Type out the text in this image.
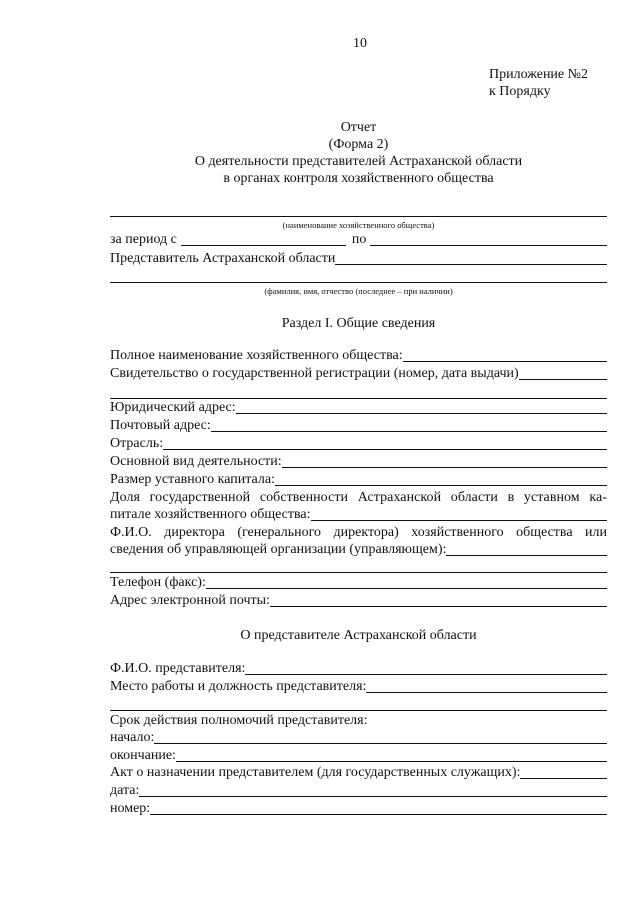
10
Приложение №2
к Порядку
Отчет
(Форма 2)
О деятельности представителей Астраханской области
в органах контроля хозяйственного общества
(наименование хозяйственного общества)
за период с	по
Представитель Астраханской области
(фамилия, имя, отчество (последнее – при наличии)
Раздел I. Общие сведения
Полное наименование хозяйственного общества:
Свидетельство о государственной регистрации (номер, дата выдачи)
Юридический адрес:
Почтовый адрес:
Отрасль:
Основной вид деятельности:
Размер уставного капитала:
Доля государственной собственности Астраханской области в уставном ка-
питале хозяйственного общества:
Ф.И.О. директора (генерального директора) хозяйственного общества или
сведения об управляющей организации (управляющем):
Телефон (факс):
Адрес электронной почты:
О представителе Астраханской области
Ф.И.О. представителя:
Место работы и должность представителя:
Срок действия полномочий представителя:
начало:
окончание:
Акт о назначении представителем (для государственных служащих):
дата:
номер:
